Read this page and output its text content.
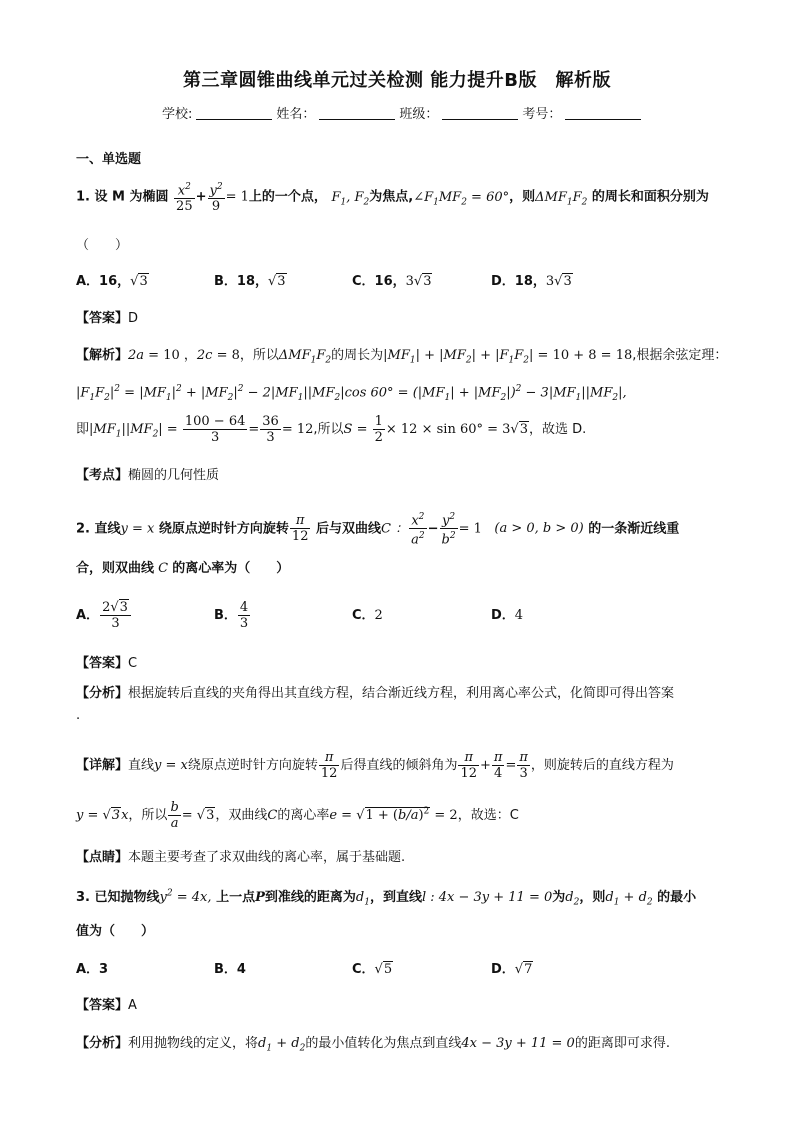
第三章圆锥曲线单元过关检测 能力提升B版　解析版
学校:	姓名：	班级：	考号：
一、单选题
1. 设 M 为椭圆 $\frac{x^2}{25} + \frac{y^2}{9} = 1$上的一个点， $F_1$, $F_2$为焦点$,\angle F_1MF_2 = 60^\circ$，则$\Delta MF_1F_2$ 的周长和面积分别为
（　　）
A．16，√3	B．18，√3	C．16，3√3	D．18，3√3
【答案】D
【解析】2a = 10 ，2c = 8，所以$\Delta MF_1F_2$的周长为$|MF_1| + |MF_2| + |F_1F_2| = 10 + 8 = 18$,根据余弦定理：
$|F_1F_2|^2 = |MF_1|^2 + |MF_2|^2 - 2|MF_1||MF_2|\cos$ $60^\circ = (|MF_1| + |MF_2|)^2 - 3|MF_1||MF_2|$,
即$|MF_1||MF_2| = \frac{100 - 64}{3} = \frac{36}{3} = 12$,所以$S = \frac{1}{2} \times 12 \times \sin 60^\circ = 3√3$，故选 D.
【考点】椭圆的几何性质
2. 直线y = x 绕原点逆时针方向旋转 $\frac{\pi}{12}$ 后与双曲线C ： $\frac{x^2}{a^2} - \frac{y^2}{b^2} = 1$ (a > 0, b > 0) 的一条渐近线重
合，则双曲线 C 的离心率为（　　）
A． $\frac{2√3}{3}$	B． $\frac{4}{3}$	C．2	D．4
【答案】C
【分析】根据旋转后直线的夹角得出其直线方程，结合渐近线方程，利用离心率公式，化简即可得出答案
.
【详解】直线y = x绕原点逆时针方向旋转 $\frac{\pi}{12}$ 后得直线的倾斜角为 $\frac{\pi}{12} + \frac{\pi}{4} = \frac{\pi}{3}$ ，则旋转后的直线方程为
y = √3x，所以 $\frac{b}{a} = √3$，双曲线C的离心率$e = √1 + (b/a)^2 = 2$，故选：C
【点睛】本题主要考查了求双曲线的离心率，属于基础题.
3. 已知抛物线$y^2 = 4x$, 上一点P到准线的距离为$d_1$，到直线l : 4x − 3y + 11 = 0为$d_2$，则$d_1 + d_2$ 的最小
值为（　　）
A．3	B．4	C．√5	D．√7
【答案】A
【分析】利用抛物线的定义，将$d_1 + d_2$的最小值转化为焦点到直线4x − 3y + 11 = 0的距离即可求得.
